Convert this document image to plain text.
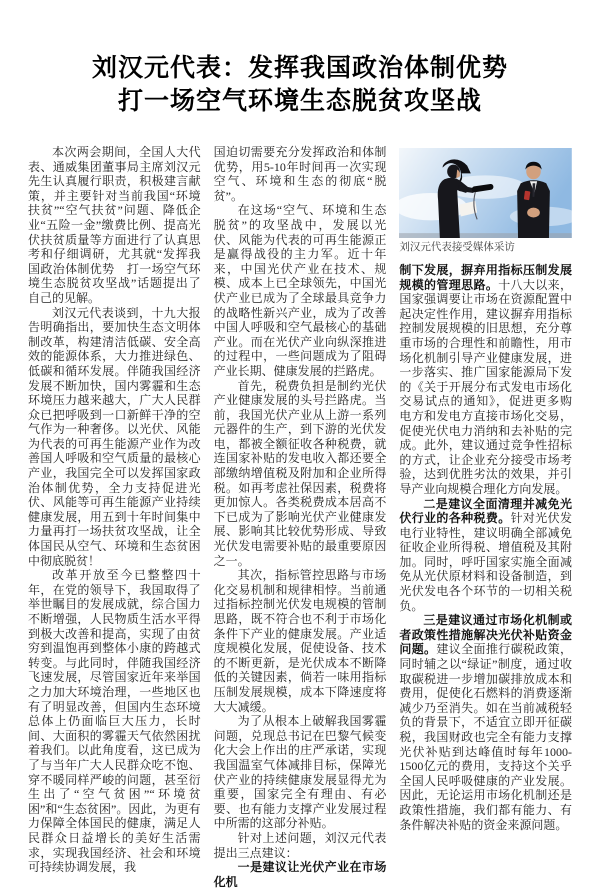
刘汉元代表：发挥我国政治体制优势
打一场空气环境生态脱贫攻坚战

本次两会期间，全国人大代表、通威集团董事局主席刘汉元先生认真履行职责，积极建言献策，并主要针对当前我国“环境扶贫”“空气扶贫”问题、降低企业“五险一金”缴费比例、提高光伏扶贫质量等方面进行了认真思考和仔细调研，尤其就“发挥我国政治体制优势　打一场空气环境生态脱贫攻坚战”话题提出了自己的见解。

刘汉元代表谈到，十九大报告明确指出，要加快生态文明体制改革，构建清洁低碳、安全高效的能源体系，大力推进绿色、低碳和循环发展。伴随我国经济发展不断加快，国内雾霾和生态环境压力越来越大，广大人民群众已把呼吸到一口新鲜干净的空气作为一种奢侈。以光伏、风能为代表的可再生能源产业作为改善国人呼吸和空气质量的最核心产业，我国完全可以发挥国家政治体制优势，全力支持促进光伏、风能等可再生能源产业持续健康发展，用五到十年时间集中力量再打一场扶贫攻坚战，让全体国民从空气、环境和生态贫困中彻底脱贫！

改革开放至今已整整四十年，在党的领导下，我国取得了举世瞩目的发展成就，综合国力不断增强，人民物质生活水平得到极大改善和提高，实现了由贫穷到温饱再到整体小康的跨越式转变。与此同时，伴随我国经济飞速发展，尽管国家近年来举国之力加大环境治理，一些地区也有了明显改善，但国内生态环境总体上仍面临巨大压力，长时间、大面积的雾霾天气依然困扰着我们。以此角度看，这已成为了与当年广大人民群众吃不饱、穿不暖同样严峻的问题，甚至衍生出了“空气贫困”“环境贫困”和“生态贫困”。因此，为更有力保障全体国民的健康，满足人民群众日益增长的美好生活需求，实现我国经济、社会和环境可持续协调发展，我

国迫切需要充分发挥政治和体制优势，用5-10年时间再一次实现空气、环境和生态的彻底“脱贫”。

在这场“空气、环境和生态脱贫”的攻坚战中，发展以光伏、风能为代表的可再生能源正是赢得战役的主力军。近十年来，中国光伏产业在技术、规模、成本上已全球领先，中国光伏产业已成为了全球最具竞争力的战略性新兴产业，成为了改善中国人呼吸和空气最核心的基础产业。而在光伏产业向纵深推进的过程中，一些问题成为了阻碍产业长期、健康发展的拦路虎。

首先，税费负担是制约光伏产业健康发展的头号拦路虎。当前，我国光伏产业从上游一系列元器件的生产，到下游的光伏发电，都被全额征收各种税费，就连国家补贴的发电收入都还要全部缴纳增值税及附加和企业所得税。如再考虑社保因素，税费将更加惊人。各类税费成本居高不下已成为了影响光伏产业健康发展、影响其比较优势形成、导致光伏发电需要补贴的最重要原因之一。

其次，指标管控思路与市场化交易机制和规律相悖。当前通过指标控制光伏发电规模的管制思路，既不符合也不利于市场化条件下产业的健康发展。产业适度规模化发展，促使设备、技术的不断更新，是光伏成本不断降低的关键因素，倘若一味用指标压制发展规模，成本下降速度将大大减缓。

为了从根本上破解我国雾霾问题，兑现总书记在巴黎气候变化大会上作出的庄严承诺，实现我国温室气体减排目标，保障光伏产业的持续健康发展显得尤为重要，国家完全有理由、有必要、也有能力支撑产业发展过程中所需的这部分补贴。

针对上述问题，刘汉元代表提出三点建议：

一是建议让光伏产业在市场化机

刘汉元代表接受媒体采访

制下发展，摒弃用指标压制发展规模的管理思路。十八大以来，国家强调要让市场在资源配置中起决定性作用，建议摒弃用指标控制发展规模的旧思想，充分尊重市场的合理性和前瞻性，用市场化机制引导产业健康发展，进一步落实、推广国家能源局下发的《关于开展分布式发电市场化交易试点的通知》，促进更多购电方和发电方直接市场化交易，促使光伏电力消纳和去补贴的完成。此外，建议通过竞争性招标的方式，让企业充分接受市场考验，达到优胜劣汰的效果，并引导产业向规模合理化方向发展。

二是建议全面清理并减免光伏行业的各种税费。针对光伏发电行业特性，建议明确全部减免征收企业所得税、增值税及其附加。同时，呼吁国家实施全面减免从光伏原材料和设备制造，到光伏发电各个环节的一切相关税负。

三是建议通过市场化机制或者政策性措施解决光伏补贴资金问题。建议全面推行碳税政策，同时辅之以“绿证”制度，通过收取碳税进一步增加碳排放成本和费用，促使化石燃料的消费逐渐减少乃至消失。如在当前减税轻负的背景下，不适宜立即开征碳税，我国财政也完全有能力支撑光伏补贴到达峰值时每年1000-1500亿元的费用，支持这个关乎全国人民呼吸健康的产业发展。因此，无论运用市场化机制还是政策性措施，我们都有能力、有条件解决补贴的资金来源问题。
